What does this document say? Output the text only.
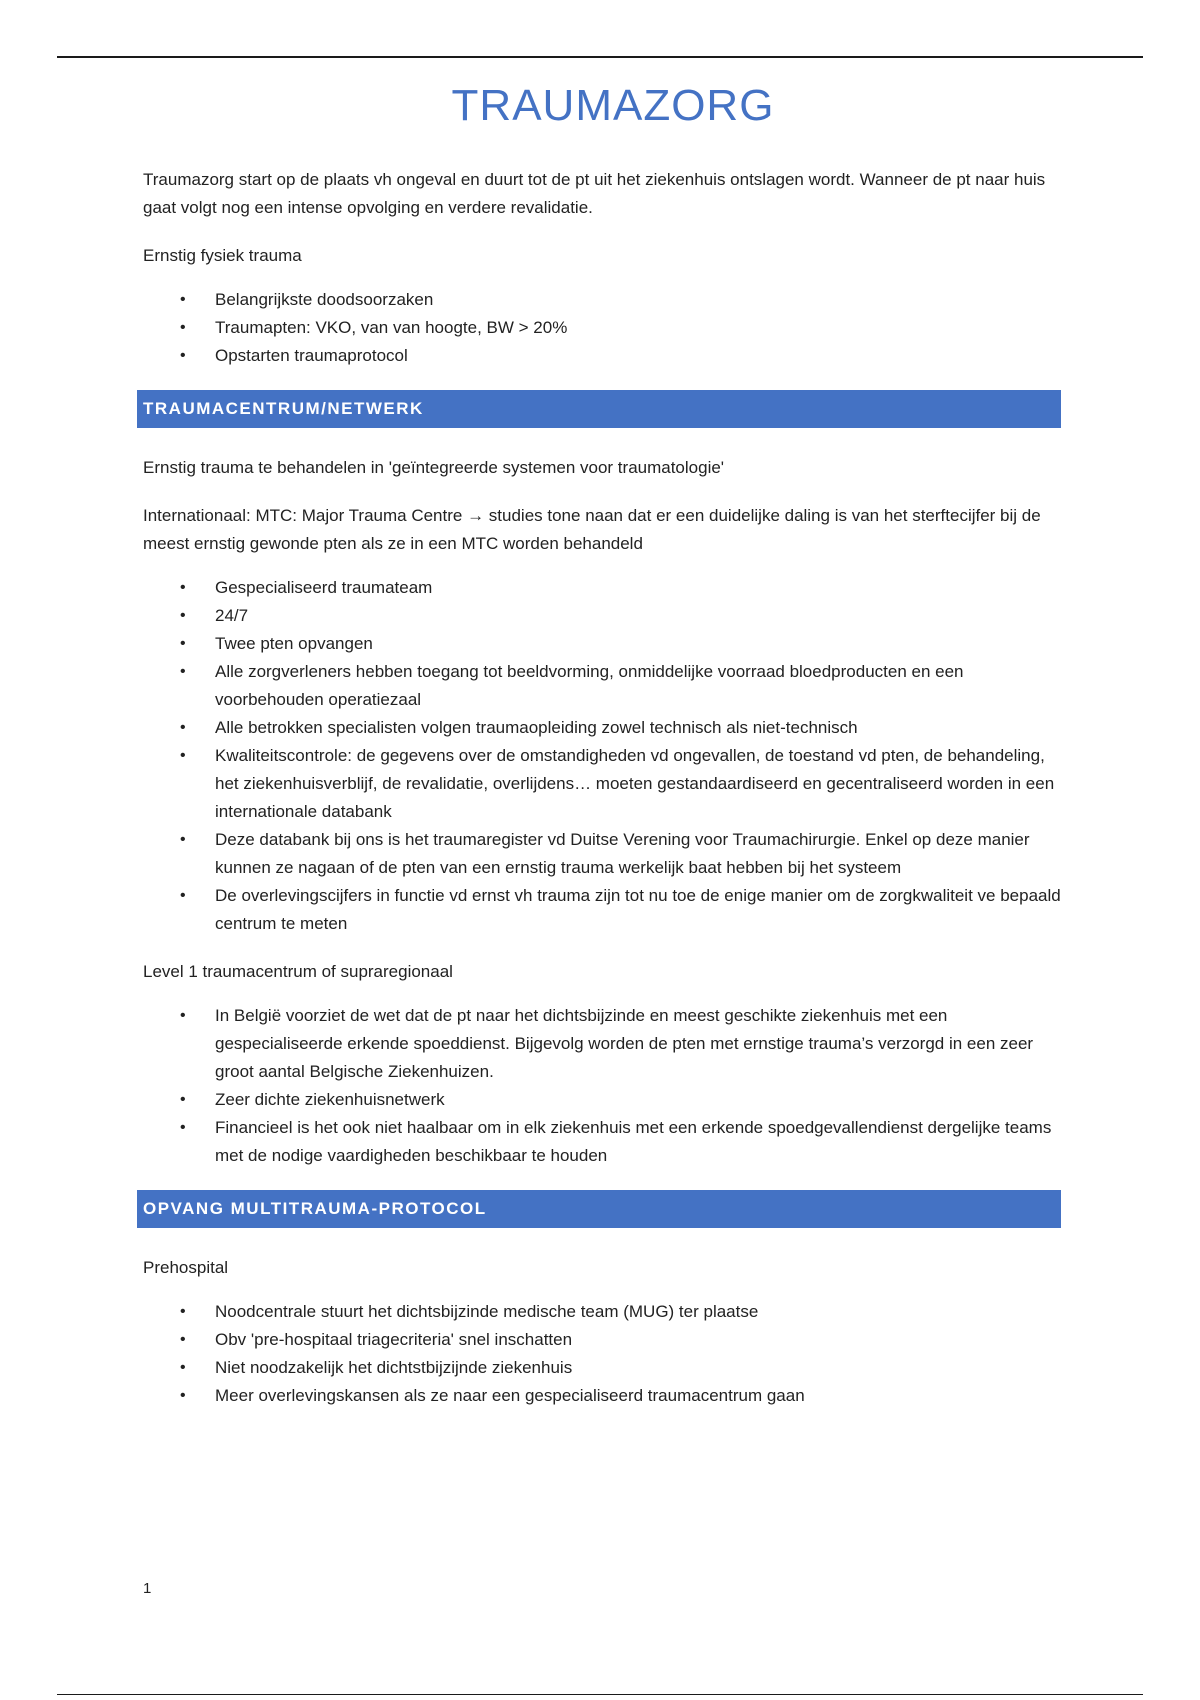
TRAUMAZORG

Traumazorg start op de plaats vh ongeval en duurt tot de pt uit het ziekenhuis ontslagen wordt. Wanneer de pt naar huis gaat volgt nog een intense opvolging en verdere revalidatie.

Ernstig fysiek trauma

• Belangrijkste doodsoorzaken
• Traumapten: VKO, van van hoogte, BW > 20%
• Opstarten traumaprotocol
TRAUMACENTRUM/NETWERK

Ernstig trauma te behandelen in 'geïntegreerde systemen voor traumatologie'

Internationaal: MTC: Major Trauma Centre → studies tone naan dat er een duidelijke daling is van het sterftecijfer bij de meest ernstig gewonde pten als ze in een MTC worden behandeld

• Gespecialiseerd traumateam
• 24/7
• Twee pten opvangen
• Alle zorgverleners hebben toegang tot beeldvorming, onmiddelijke voorraad bloedproducten en een voorbehouden operatiezaal
• Alle betrokken specialisten volgen traumaopleiding zowel technisch als niet-technisch
• Kwaliteitscontrole: de gegevens over de omstandigheden vd ongevallen, de toestand vd pten, de behandeling, het ziekenhuisverblijf, de revalidatie, overlijdens… moeten gestandaardiseerd en gecentraliseerd worden in een internationale databank
• Deze databank bij ons is het traumaregister vd Duitse Verening voor Traumachirurgie. Enkel op deze manier kunnen ze nagaan of de pten van een ernstig trauma werkelijk baat hebben bij het systeem
• De overlevingscijfers in functie vd ernst vh trauma zijn tot nu toe de enige manier om de zorgkwaliteit ve bepaald centrum te meten

Level 1 traumacentrum of supraregionaal

• In België voorziet de wet dat de pt naar het dichtsbijzinde en meest geschikte ziekenhuis met een gespecialiseerde erkende spoeddienst. Bijgevolg worden de pten met ernstige trauma’s verzorgd in een zeer groot aantal Belgische Ziekenhuizen.
• Zeer dichte ziekenhuisnetwerk
• Financieel is het ook niet haalbaar om in elk ziekenhuis met een erkende spoedgevallendienst dergelijke teams met de nodige vaardigheden beschikbaar te houden
OPVANG MULTITRAUMA-PROTOCOL

Prehospital

• Noodcentrale stuurt het dichtsbijzinde medische team (MUG) ter plaatse
• Obv 'pre-hospitaal triagecriteria' snel inschatten
• Niet noodzakelijk het dichtstbijzijnde ziekenhuis
• Meer overlevingskansen als ze naar een gespecialiseerd traumacentrum gaan
1
